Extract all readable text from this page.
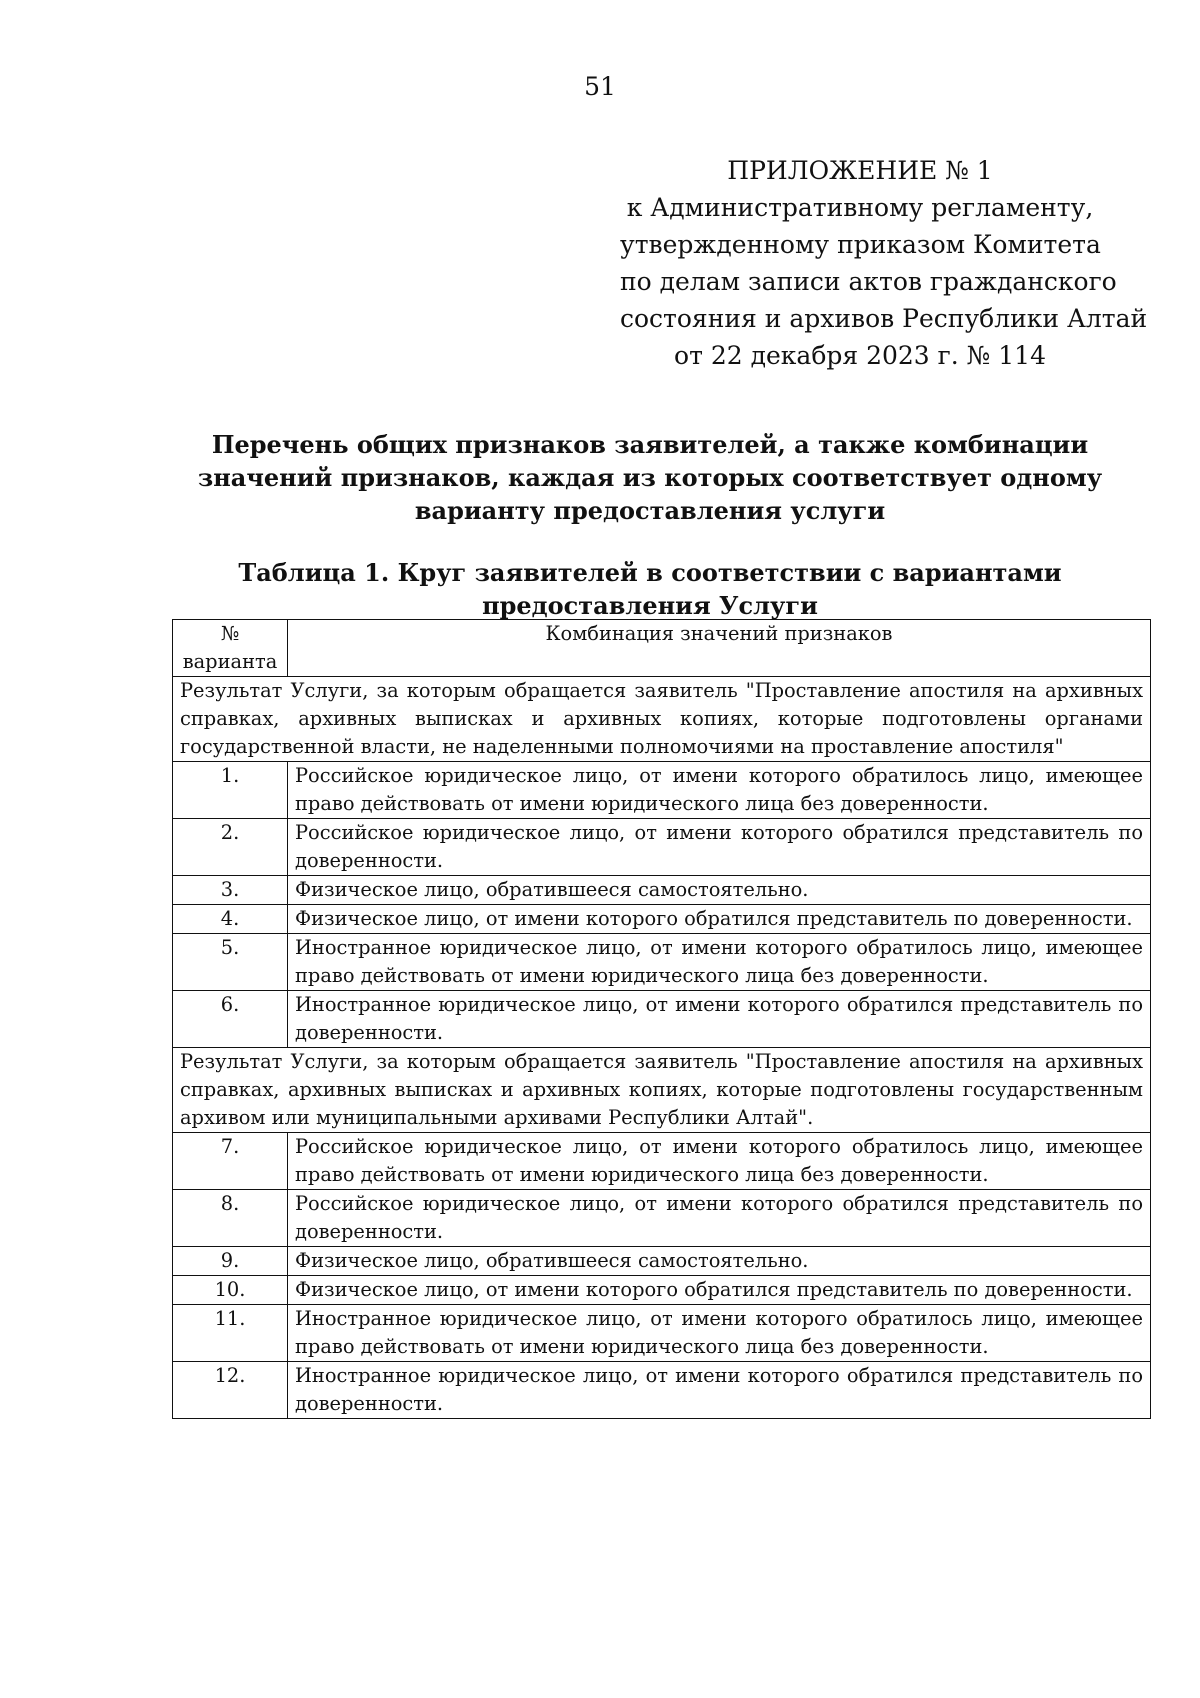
51
ПРИЛОЖЕНИЕ № 1
к Административному регламенту,
утвержденному приказом Комитета
по делам записи актов гражданского
состояния и архивов Республики Алтай
от 22 декабря 2023 г. № 114
Перечень общих признаков заявителей, а также комбинации значений признаков, каждая из которых соответствует одному варианту предоставления услуги
Таблица 1. Круг заявителей в соответствии с вариантами предоставления Услуги
№
варианта	Комбинация значений признаков
Результат Услуги, за которым обращается заявитель "Проставление апостиля на архивных справках, архивных выписках и архивных копиях, которые подготовлены органами государственной власти, не наделенными полномочиями на проставление апостиля"	
1.	Российское юридическое лицо, от имени которого обратилось лицо, имеющее право действовать от имени юридического лица без доверенности.
2.	Российское юридическое лицо, от имени которого обратился представитель по доверенности.
3.	Физическое лицо, обратившееся самостоятельно.
4.	Физическое лицо, от имени которого обратился представитель по доверенности.
5.	Иностранное юридическое лицо, от имени которого обратилось лицо, имеющее право действовать от имени юридического лица без доверенности.
6.	Иностранное юридическое лицо, от имени которого обратился представитель по доверенности.
Результат Услуги, за которым обращается заявитель "Проставление апостиля на архивных справках, архивных выписках и архивных копиях, которые подготовлены государственным архивом или муниципальными архивами Республики Алтай".	
7.	Российское юридическое лицо, от имени которого обратилось лицо, имеющее право действовать от имени юридического лица без доверенности.
8.	Российское юридическое лицо, от имени которого обратился представитель по доверенности.
9.	Физическое лицо, обратившееся самостоятельно.
10.	Физическое лицо, от имени которого обратился представитель по доверенности.
11.	Иностранное юридическое лицо, от имени которого обратилось лицо, имеющее право действовать от имени юридического лица без доверенности.
12.	Иностранное юридическое лицо, от имени которого обратился представитель по доверенности.
